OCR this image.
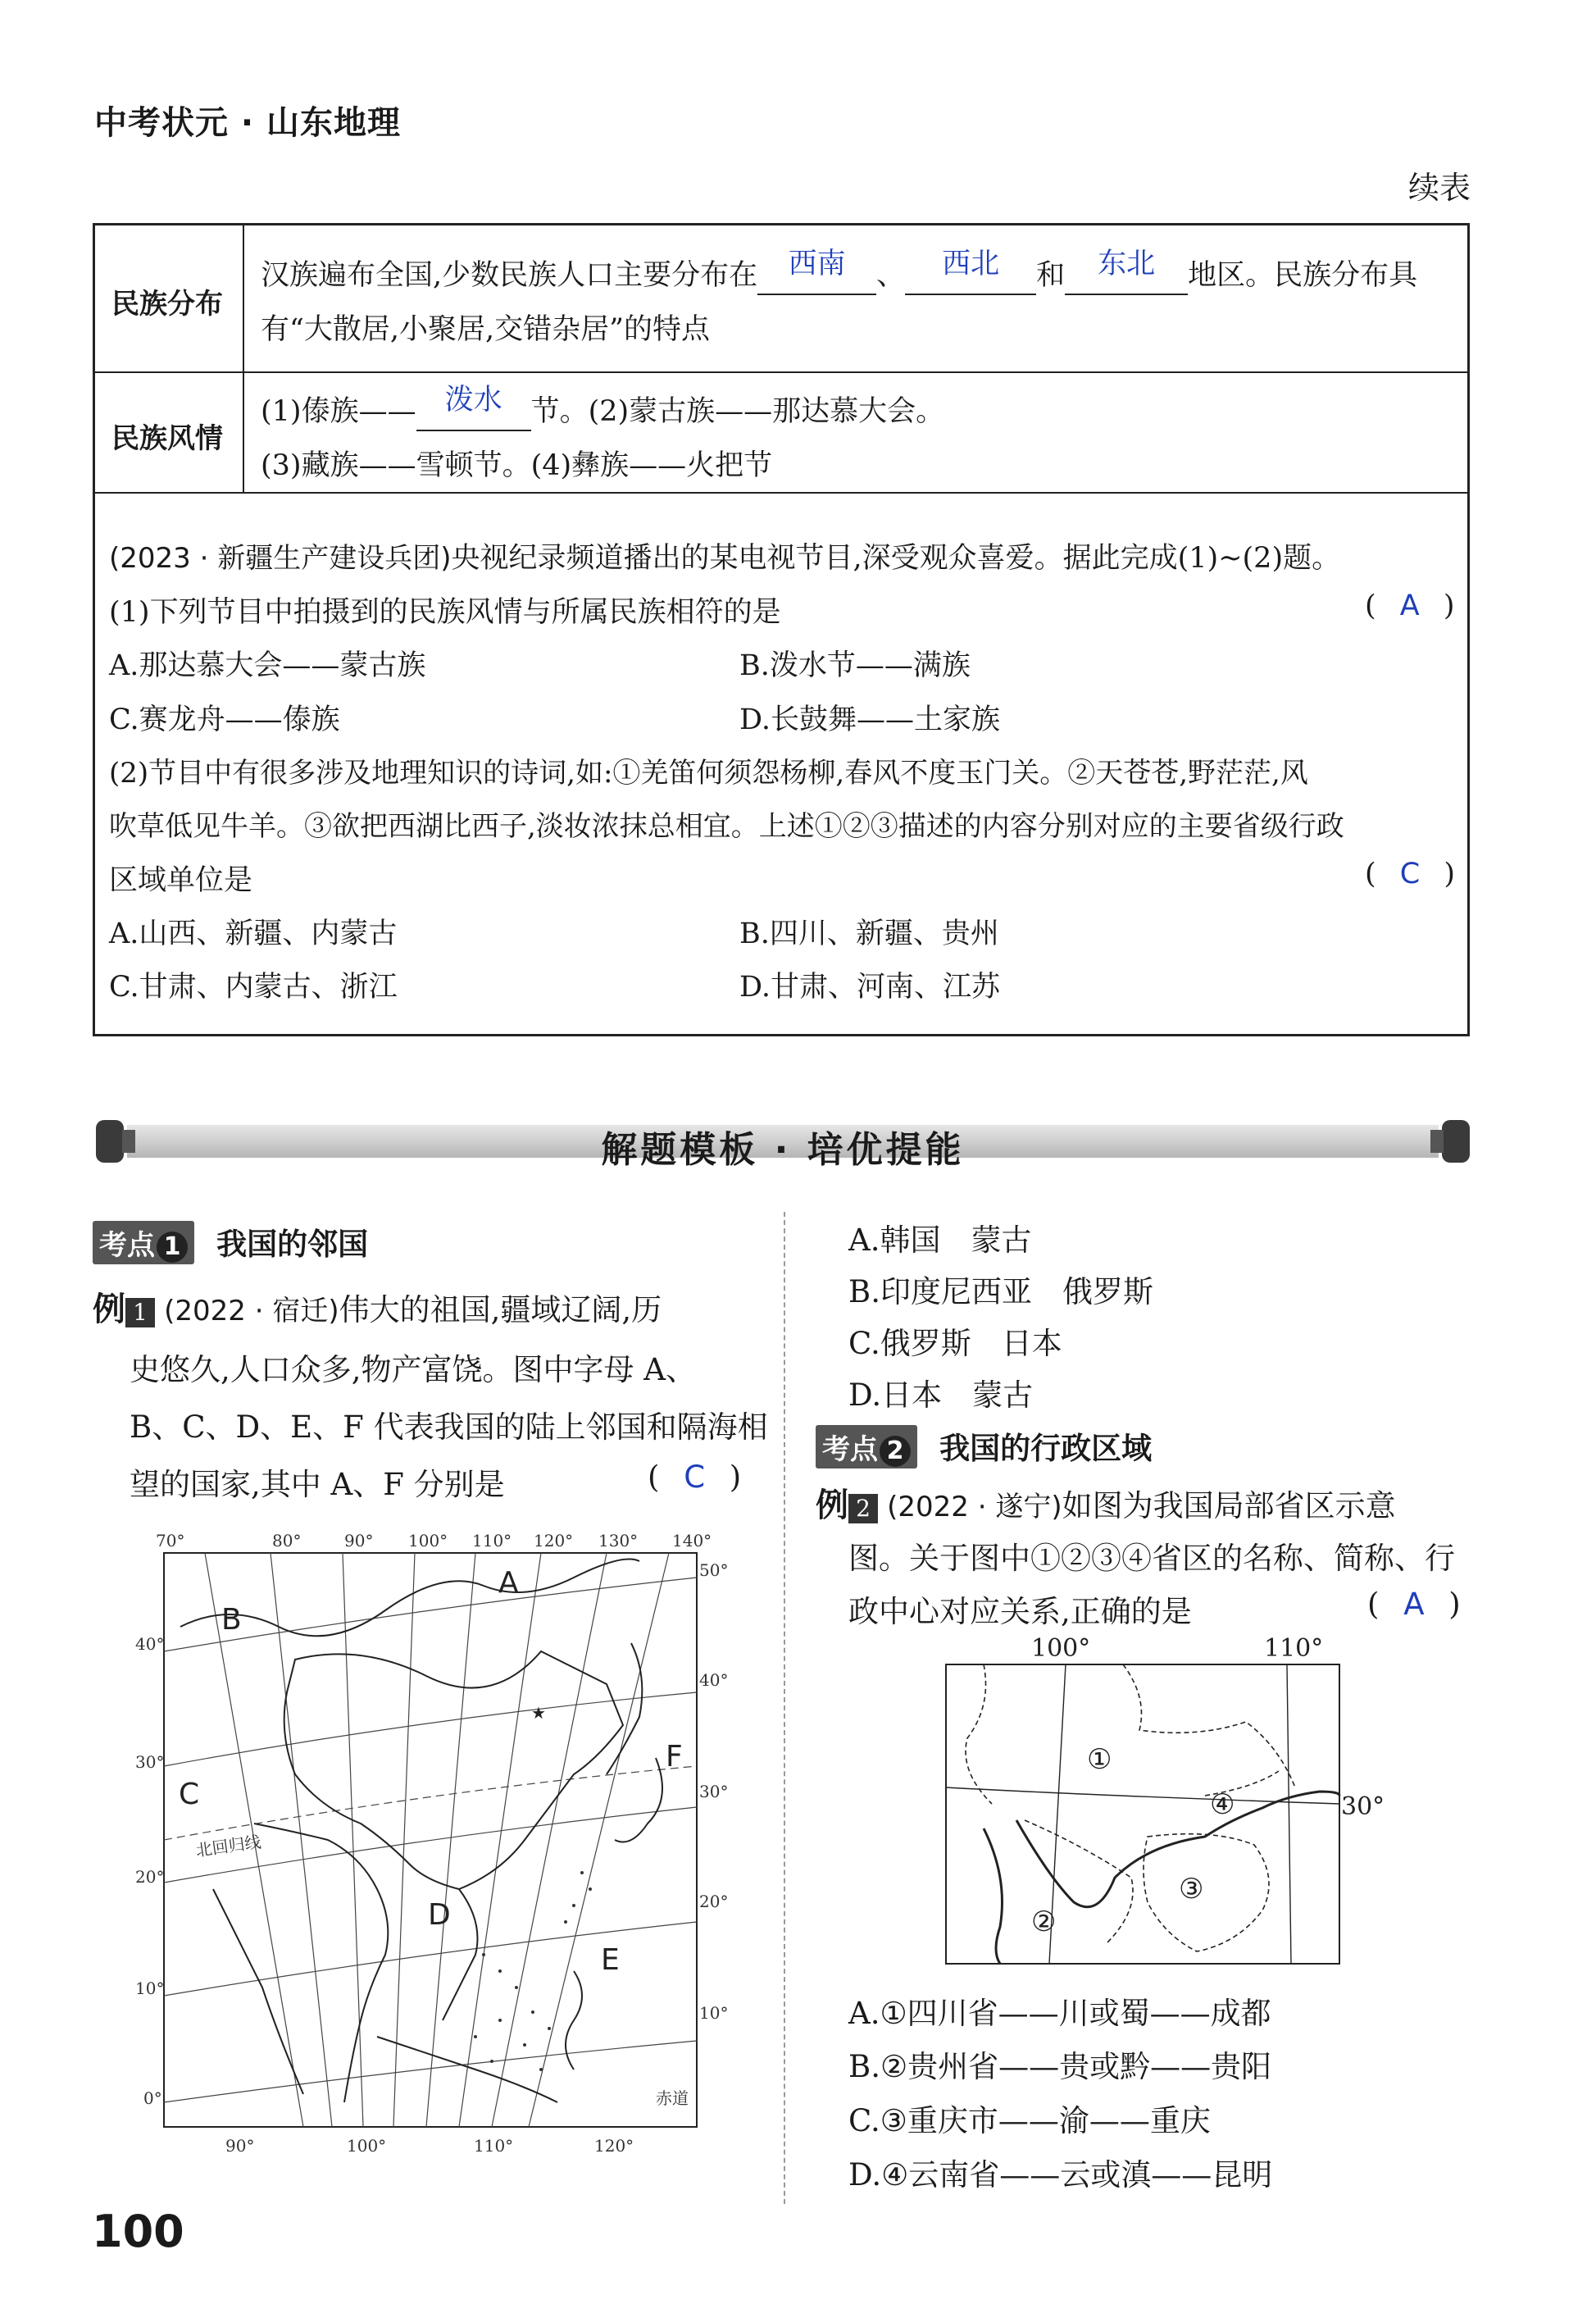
中考状元 · 山东地理
续表
民族分布
汉族遍布全国,少数民族人口主要分布在 西南 、 西北 和 东北 地区。民族分布具
有“大散居,小聚居,交错杂居”的特点
民族风情
(1)傣族—— 泼水 节。(2)蒙古族——那达慕大会。
(3)藏族——雪顿节。(4)彝族——火把节
(2023 · 新疆生产建设兵团)央视纪录频道播出的某电视节目,深受观众喜爱。据此完成(1)~(2)题。
(1)下列节目中拍摄到的民族风情与所属民族相符的是	( A )
A.那达慕大会——蒙古族	B.泼水节——满族
C.赛龙舟——傣族	D.长鼓舞——土家族
(2)节目中有很多涉及地理知识的诗词,如:①羌笛何须怨杨柳,春风不度玉门关。②天苍苍,野茫茫,风
吹草低见牛羊。③欲把西湖比西子,淡妆浓抹总相宜。上述①②③描述的内容分别对应的主要省级行政
区域单位是	( C )
A.山西、新疆、内蒙古	B.四川、新疆、贵州
C.甘肃、内蒙古、浙江	D.甘肃、河南、江苏
解题模板 · 培优提能
考点 1 我国的邻国
例 1 (2022 · 宿迁)伟大的祖国,疆域辽阔,历
史悠久,人口众多,物产富饶。图中字母 A、
B、C、D、E、F 代表我国的陆上邻国和隔海相
望的国家,其中 A、F 分别是	( C )
70°	80°	90° 100° 110° 120° 130° 140°
90°	100°	110°	120°
40°
30°
20°
10°
0°
50°
40°
30°
20°
10°
★
A
B
C
D
E
F
北回归线
赤道
A.韩国　蒙古
B.印度尼西亚　俄罗斯
C.俄罗斯　日本
D.日本　蒙古
考点 2 我国的行政区域
例 2 (2022 · 遂宁)如图为我国局部省区示意
图。关于图中①②③④省区的名称、简称、行
政中心对应关系,正确的是	( A )
100°	110°
30°
①
②
③
④
A.①四川省——川或蜀——成都
B.②贵州省——贵或黔——贵阳
C.③重庆市——渝——重庆
D.④云南省——云或滇——昆明
100
